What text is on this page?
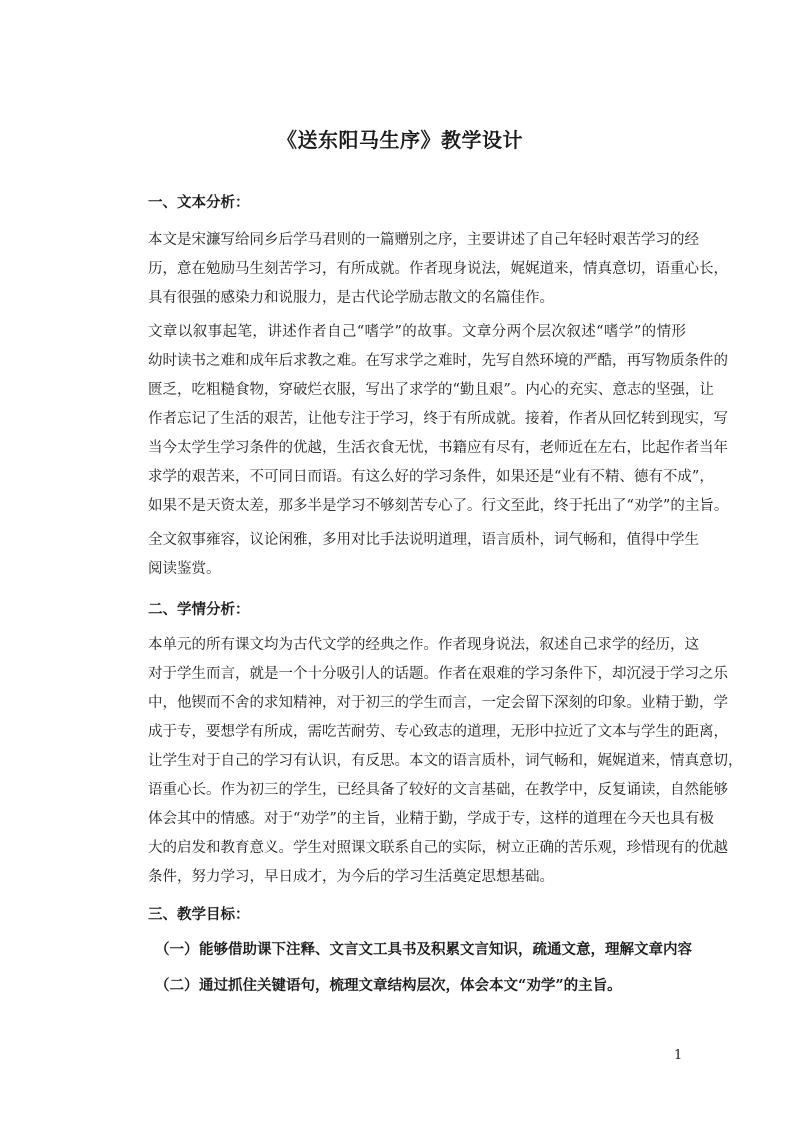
《送东阳马生序》教学设计
一、文本分析：
本文是宋濂写给同乡后学马君则的一篇赠别之序，主要讲述了自己年轻时艰苦学习的经
历，意在勉励马生刻苦学习，有所成就。作者现身说法，娓娓道来，情真意切，语重心长，
具有很强的感染力和说服力，是古代论学励志散文的名篇佳作。
文章以叙事起笔，讲述作者自己“嗜学”的故事。文章分两个层次叙述“嗜学”的情形
幼时读书之难和成年后求教之难。在写求学之难时，先写自然环境的严酷，再写物质条件的
匮乏，吃粗糙食物，穿破烂衣服，写出了求学的“勤且艰”。内心的充实、意志的坚强，让
作者忘记了生活的艰苦，让他专注于学习，终于有所成就。接着，作者从回忆转到现实，写
当今太学生学习条件的优越，生活衣食无忧，书籍应有尽有，老师近在左右，比起作者当年
求学的艰苦来，不可同日而语。有这么好的学习条件，如果还是“业有不精、德有不成”，
如果不是天资太差，那多半是学习不够刻苦专心了。行文至此，终于托出了“劝学”的主旨。
全文叙事雍容，议论闲雅，多用对比手法说明道理，语言质朴，词气畅和，值得中学生
阅读鉴赏。
二、学情分析：
本单元的所有课文均为古代文学的经典之作。作者现身说法，叙述自己求学的经历，这
对于学生而言，就是一个十分吸引人的话题。作者在艰难的学习条件下，却沉浸于学习之乐
中，他锲而不舍的求知精神，对于初三的学生而言，一定会留下深刻的印象。业精于勤，学
成于专，要想学有所成，需吃苦耐劳、专心致志的道理，无形中拉近了文本与学生的距离，
让学生对于自己的学习有认识，有反思。本文的语言质朴，词气畅和，娓娓道来，情真意切，
语重心长。作为初三的学生，已经具备了较好的文言基础，在教学中，反复诵读，自然能够
体会其中的情感。对于“劝学”的主旨，业精于勤，学成于专，这样的道理在今天也具有极
大的启发和教育意义。学生对照课文联系自己的实际，树立正确的苦乐观，珍惜现有的优越
条件，努力学习，早日成才，为今后的学习生活奠定思想基础。
三、教学目标：
（一）能够借助课下注释、文言文工具书及积累文言知识，疏通文意，理解文章内容
（二）通过抓住关键语句，梳理文章结构层次，体会本文“劝学”的主旨。
1
